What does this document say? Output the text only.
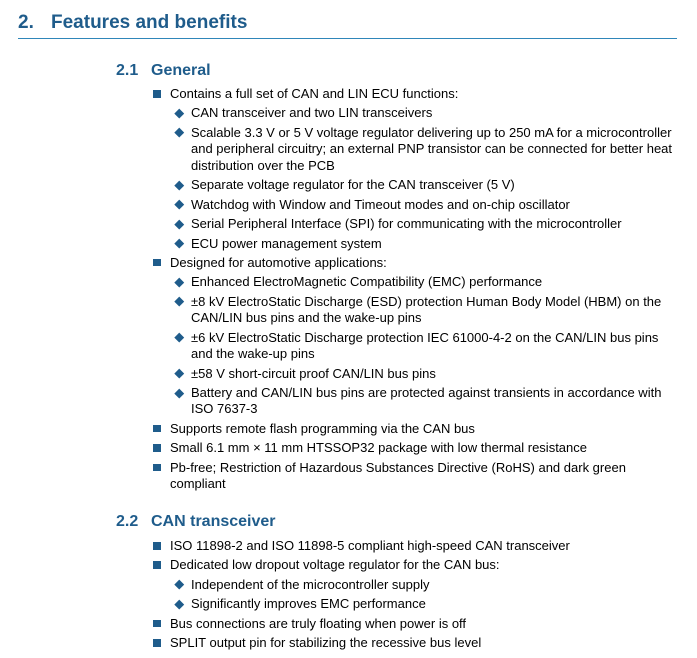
2. Features and benefits
2.1 General
Contains a full set of CAN and LIN ECU functions:
CAN transceiver and two LIN transceivers
Scalable 3.3 V or 5 V voltage regulator delivering up to 250 mA for a microcontroller and peripheral circuitry; an external PNP transistor can be connected for better heat distribution over the PCB
Separate voltage regulator for the CAN transceiver (5 V)
Watchdog with Window and Timeout modes and on-chip oscillator
Serial Peripheral Interface (SPI) for communicating with the microcontroller
ECU power management system
Designed for automotive applications:
Enhanced ElectroMagnetic Compatibility (EMC) performance
±8 kV ElectroStatic Discharge (ESD) protection Human Body Model (HBM) on the CAN/LIN bus pins and the wake-up pins
±6 kV ElectroStatic Discharge protection IEC 61000-4-2 on the CAN/LIN bus pins and the wake-up pins
±58 V short-circuit proof CAN/LIN bus pins
Battery and CAN/LIN bus pins are protected against transients in accordance with ISO 7637-3
Supports remote flash programming via the CAN bus
Small 6.1 mm × 11 mm HTSSOP32 package with low thermal resistance
Pb-free; Restriction of Hazardous Substances Directive (RoHS) and dark green compliant
2.2 CAN transceiver
ISO 11898-2 and ISO 11898-5 compliant high-speed CAN transceiver
Dedicated low dropout voltage regulator for the CAN bus:
Independent of the microcontroller supply
Significantly improves EMC performance
Bus connections are truly floating when power is off
SPLIT output pin for stabilizing the recessive bus level
